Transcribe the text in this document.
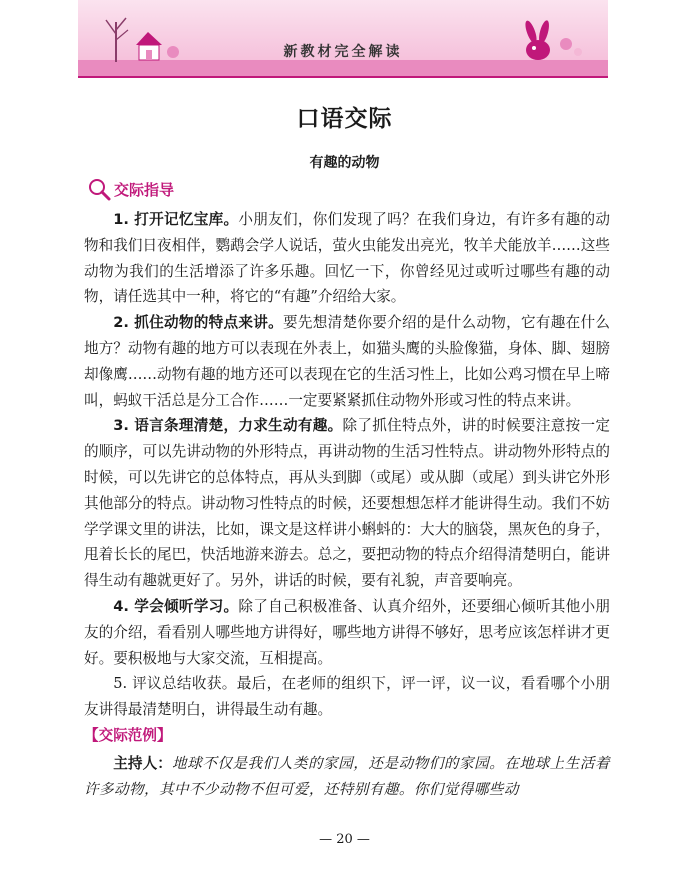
新教材完全解读
口语交际
有趣的动物
交际指导

1. 打开记忆宝库。小朋友们，你们发现了吗？在我们身边，有许多有趣的动物和我们日夜相伴，鹦鹉会学人说话，萤火虫能发出亮光，牧羊犬能放羊……这些动物为我们的生活增添了许多乐趣。回忆一下，你曾经见过或听过哪些有趣的动物，请任选其中一种，将它的“有趣”介绍给大家。

2. 抓住动物的特点来讲。要先想清楚你要介绍的是什么动物，它有趣在什么地方？动物有趣的地方可以表现在外表上，如猫头鹰的头脸像猫，身体、脚、翅膀却像鹰……动物有趣的地方还可以表现在它的生活习性上，比如公鸡习惯在早上啼叫，蚂蚁干活总是分工合作……一定要紧紧抓住动物外形或习性的特点来讲。

3. 语言条理清楚，力求生动有趣。除了抓住特点外，讲的时候要注意按一定的顺序，可以先讲动物的外形特点，再讲动物的生活习性特点。讲动物外形特点的时候，可以先讲它的总体特点，再从头到脚（或尾）或从脚（或尾）到头讲它外形其他部分的特点。讲动物习性特点的时候，还要想想怎样才能讲得生动。我们不妨学学课文里的讲法，比如，课文是这样讲小蝌蚪的：大大的脑袋，黑灰色的身子，甩着长长的尾巴，快活地游来游去。总之，要把动物的特点介绍得清楚明白，能讲得生动有趣就更好了。另外，讲话的时候，要有礼貌，声音要响亮。

4. 学会倾听学习。除了自己积极准备、认真介绍外，还要细心倾听其他小朋友的介绍，看看别人哪些地方讲得好，哪些地方讲得不够好，思考应该怎样讲才更好。要积极地与大家交流，互相提高。

5. 评议总结收获。最后，在老师的组织下，评一评，议一议，看看哪个小朋友讲得最清楚明白，讲得最生动有趣。

【交际范例】

主持人：地球不仅是我们人类的家园，还是动物们的家园。在地球上生活着许多动物，其中不少动物不但可爱，还特别有趣。你们觉得哪些动

— 20 —
